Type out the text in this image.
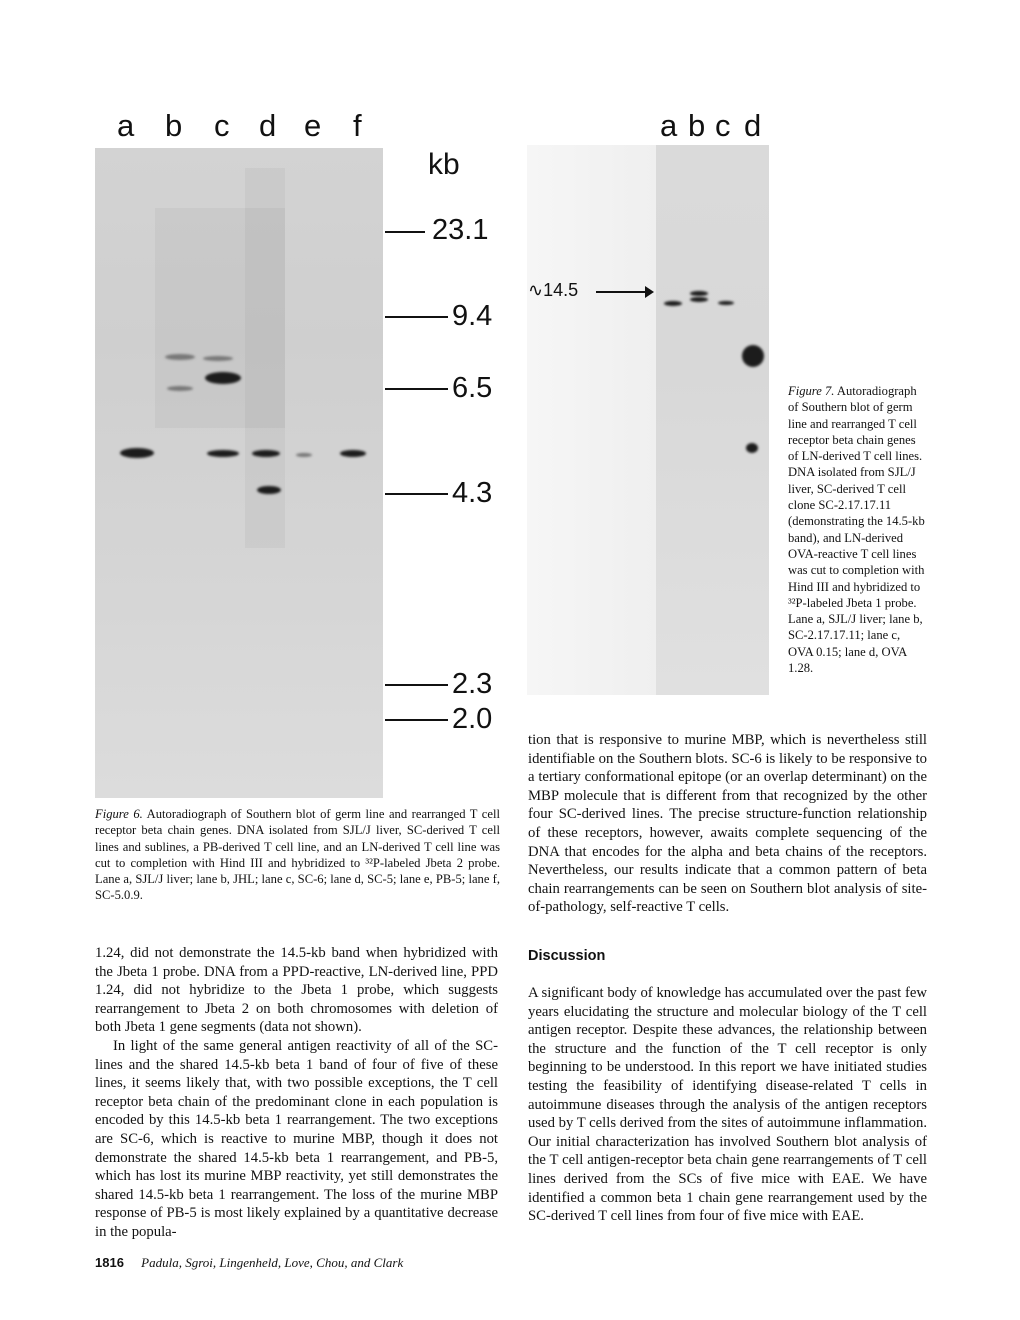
a b c d e f
kb
23.1
9.4
6.5
4.3
2.3
2.0
Figure 6. Autoradiograph of Southern blot of germ line and rearranged T cell receptor beta chain genes. DNA isolated from SJL/J liver, SC-derived T cell lines and sublines, a PB-derived T cell line, and an LN-derived T cell line was cut to completion with Hind III and hybridized to ³²P-labeled Jbeta 2 probe. Lane a, SJL/J liver; lane b, JHL; lane c, SC-6; lane d, SC-5; lane e, PB-5; lane f, SC-5.0.9.
a b c d
∿14.5
Figure 7. Autoradiograph of Southern blot of germ line and rearranged T cell receptor beta chain genes of LN-derived T cell lines. DNA isolated from SJL/J liver, SC-derived T cell clone SC-2.17.17.11 (demonstrating the 14.5-kb band), and LN-derived OVA-reactive T cell lines was cut to completion with Hind III and hybridized to ³²P-labeled Jbeta 1 probe. Lane a, SJL/J liver; lane b, SC-2.17.17.11; lane c, OVA 0.15; lane d, OVA 1.28.

tion that is responsive to murine MBP, which is nevertheless still identifiable on the Southern blots. SC-6 is likely to be responsive to a tertiary conformational epitope (or an overlap determinant) on the MBP molecule that is different from that recognized by the other four SC-derived lines. The precise structure-function relationship of these receptors, however, awaits complete sequencing of the DNA that encodes for the alpha and beta chains of the receptors. Nevertheless, our results indicate that a common pattern of beta chain rearrangements can be seen on Southern blot analysis of site-of-pathology, self-reactive T cells.

1.24, did not demonstrate the 14.5-kb band when hybridized with the Jbeta 1 probe. DNA from a PPD-reactive, LN-derived line, PPD 1.24, did not hybridize to the Jbeta 1 probe, which suggests rearrangement to Jbeta 2 on both chromosomes with deletion of both Jbeta 1 gene segments (data not shown).

In light of the same general antigen reactivity of all of the SC-lines and the shared 14.5-kb beta 1 band of four of five of these lines, it seems likely that, with two possible exceptions, the T cell receptor beta chain of the predominant clone in each population is encoded by this 14.5-kb beta 1 rearrangement. The two exceptions are SC-6, which is reactive to murine MBP, though it does not demonstrate the shared 14.5-kb beta 1 rearrangement, and PB-5, which has lost its murine MBP reactivity, yet still demonstrates the shared 14.5-kb beta 1 rearrangement. The loss of the murine MBP response of PB-5 is most likely explained by a quantitative decrease in the popula-

Discussion

A significant body of knowledge has accumulated over the past few years elucidating the structure and molecular biology of the T cell antigen receptor. Despite these advances, the relationship between the structure and the function of the T cell receptor is only beginning to be understood. In this report we have initiated studies testing the feasibility of identifying disease-related T cells in autoimmune diseases through the analysis of the antigen receptors used by T cells derived from the sites of autoimmune inflammation. Our initial characterization has involved Southern blot analysis of the T cell antigen-receptor beta chain gene rearrangements of T cell lines derived from the SCs of five mice with EAE. We have identified a common beta 1 chain gene rearrangement used by the SC-derived T cell lines from four of five mice with EAE.

1816 Padula, Sgroi, Lingenheld, Love, Chou, and Clark
